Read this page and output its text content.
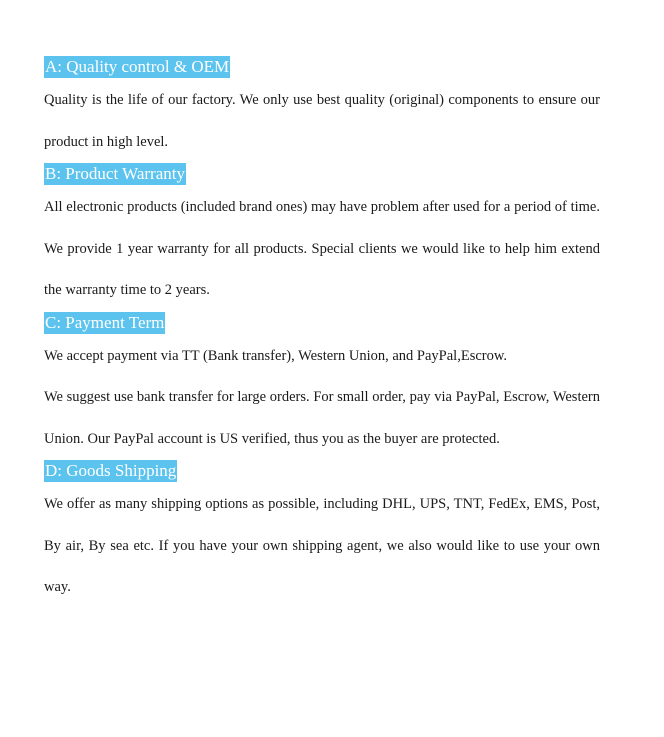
A: Quality control & OEM

Quality is the life of our factory. We only use best quality (original) components to ensure our product in high level.

B: Product Warranty

All electronic products (included brand ones) may have problem after used for a period of time. We provide 1 year warranty for all products. Special clients we would like to help him extend the warranty time to 2 years.

C: Payment Term

We accept payment via TT (Bank transfer), Western Union, and PayPal,Escrow.

We suggest use bank transfer for large orders. For small order, pay via PayPal, Escrow, Western Union. Our PayPal account is US verified, thus you as the buyer are protected.

D: Goods Shipping

We offer as many shipping options as possible, including DHL, UPS, TNT, FedEx, EMS, Post, By air, By sea etc. If you have your own shipping agent, we also would like to use your own way.
